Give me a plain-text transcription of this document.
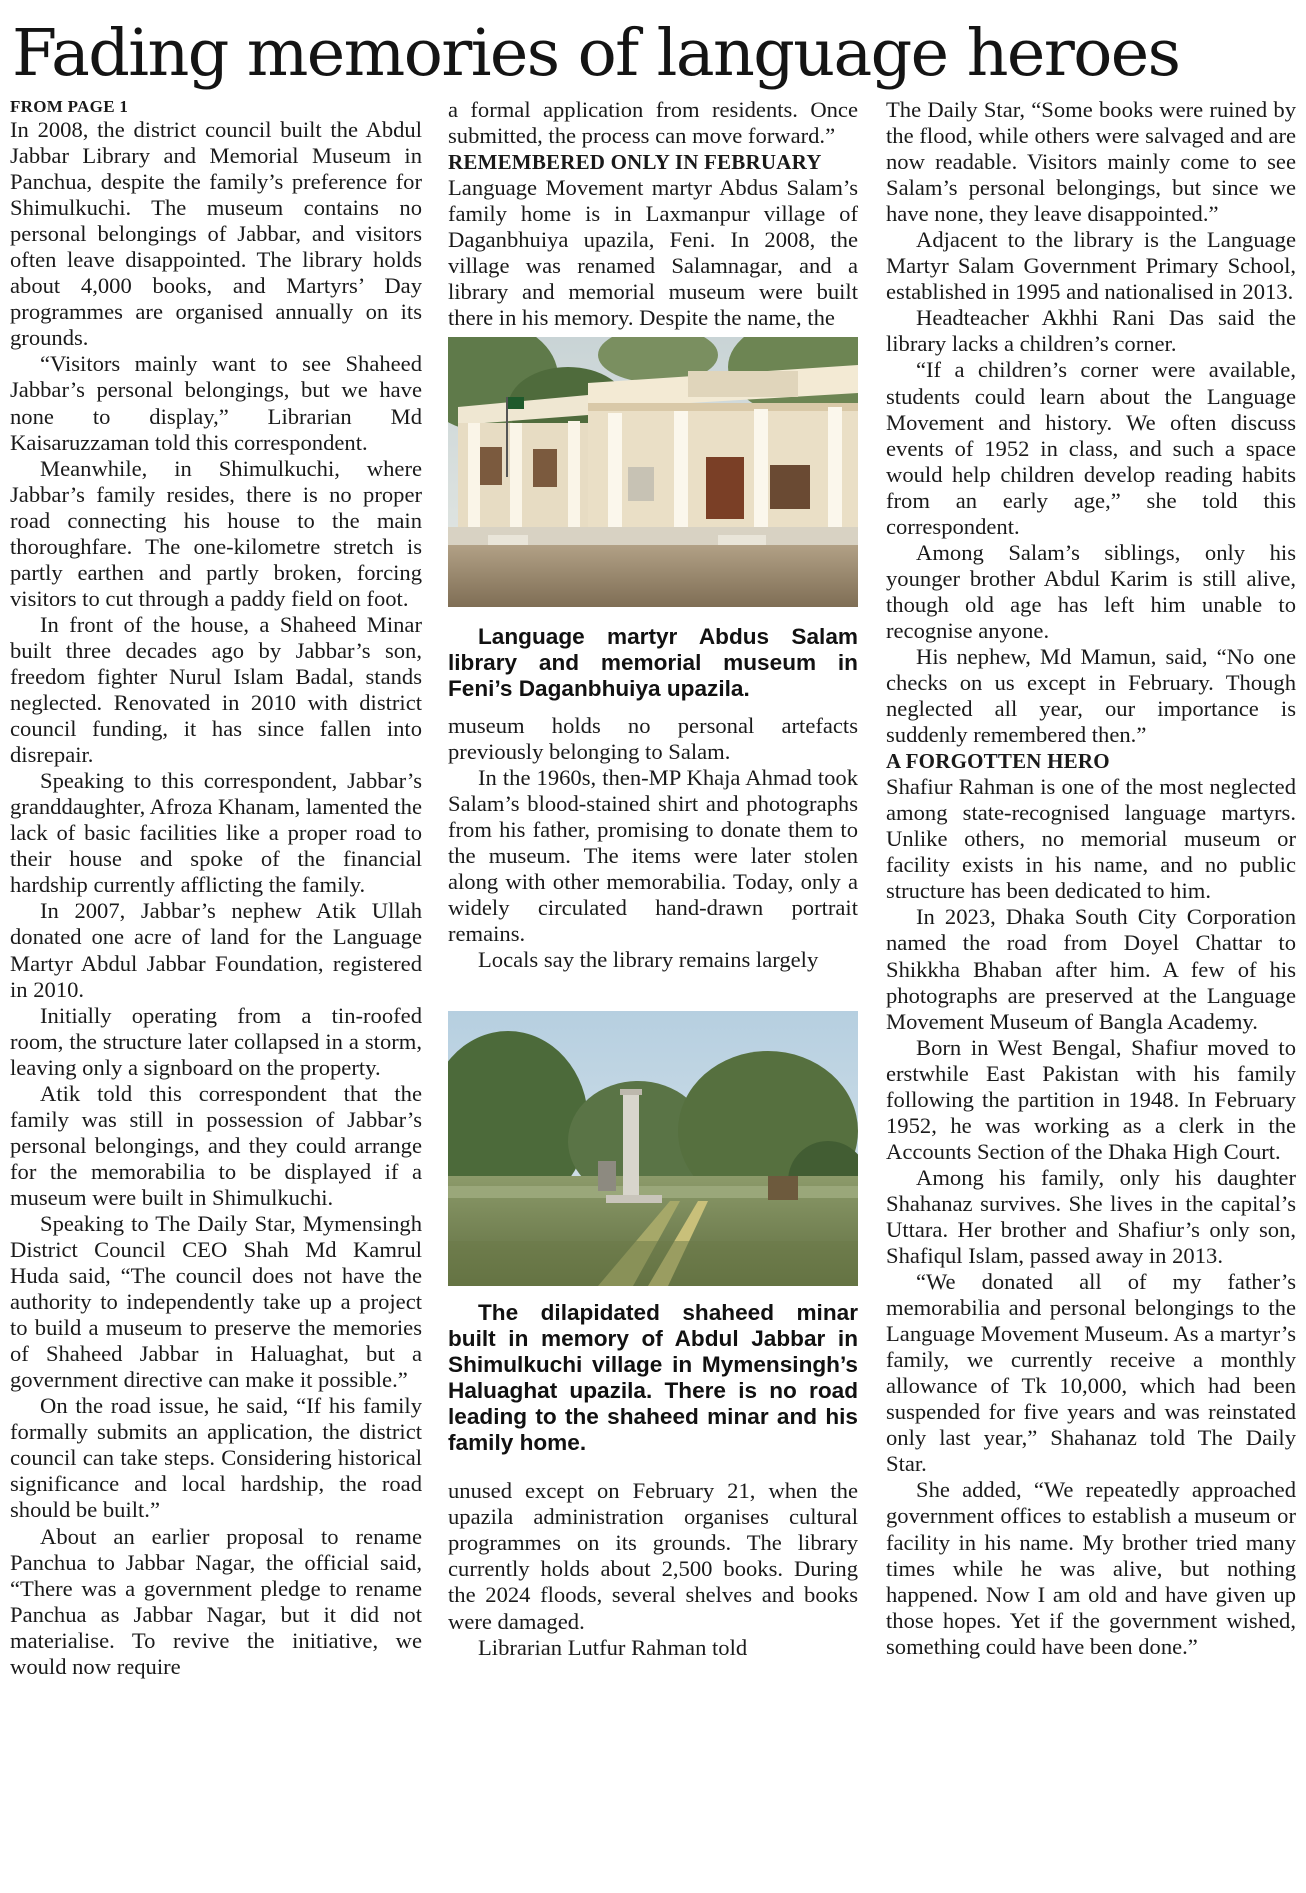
Fading memories of language heroes
FROM PAGE 1

In 2008, the district council built the Abdul Jabbar Library and Memorial Museum in Panchua, despite the family’s preference for Shimulkuchi. The museum contains no personal belongings of Jabbar, and visitors often leave disappointed. The library holds about 4,000 books, and Martyrs’ Day programmes are organised annually on its grounds.

“Visitors mainly want to see Shaheed Jabbar’s personal belongings, but we have none to display,” Librarian Md Kaisaruzzaman told this correspondent.

Meanwhile, in Shimulkuchi, where Jabbar’s family resides, there is no proper road connecting his house to the main thoroughfare. The one-kilometre stretch is partly earthen and partly broken, forcing visitors to cut through a paddy field on foot.

In front of the house, a Shaheed Minar built three decades ago by Jabbar’s son, freedom fighter Nurul Islam Badal, stands neglected. Renovated in 2010 with district council funding, it has since fallen into disrepair.

Speaking to this correspondent, Jabbar’s granddaughter, Afroza Khanam, lamented the lack of basic facilities like a proper road to their house and spoke of the financial hardship currently afflicting the family.

In 2007, Jabbar’s nephew Atik Ullah donated one acre of land for the Language Martyr Abdul Jabbar Foundation, registered in 2010.

Initially operating from a tin-roofed room, the structure later collapsed in a storm, leaving only a signboard on the property.

Atik told this correspondent that the family was still in possession of Jabbar’s personal belongings, and they could arrange for the memorabilia to be displayed if a museum were built in Shimulkuchi.

Speaking to The Daily Star, Mymensingh District Council CEO Shah Md Kamrul Huda said, “The council does not have the authority to independently take up a project to build a museum to preserve the memories of Shaheed Jabbar in Haluaghat, but a government directive can make it possible.”

On the road issue, he said, “If his family formally submits an application, the district council can take steps. Considering historical significance and local hardship, the road should be built.”

About an earlier proposal to rename Panchua to Jabbar Nagar, the official said, “There was a government pledge to rename Panchua as Jabbar Nagar, but it did not materialise. To revive the initiative, we would now require

a formal application from residents. Once submitted, the process can move forward.”

REMEMBERED ONLY IN FEBRUARY

Language Movement martyr Abdus Salam’s family home is in Laxmanpur village of Daganbhuiya upazila, Feni. In 2008, the village was renamed Salamnagar, and a library and memorial museum were built there in his memory. Despite the name, the

Language martyr Abdus Salam library and memorial museum in Feni’s Daganbhuiya upazila.

museum holds no personal artefacts previously belonging to Salam.

In the 1960s, then-MP Khaja Ahmad took Salam’s blood-stained shirt and photographs from his father, promising to donate them to the museum. The items were later stolen along with other memorabilia. Today, only a widely circulated hand-drawn portrait remains.

Locals say the library remains largely

The dilapidated shaheed minar built in memory of Abdul Jabbar in Shimulkuchi village in Mymensingh’s Haluaghat upazila. There is no road leading to the shaheed minar and his family home.

unused except on February 21, when the upazila administration organises cultural programmes on its grounds. The library currently holds about 2,500 books. During the 2024 floods, several shelves and books were damaged.

Librarian Lutfur Rahman told

The Daily Star, “Some books were ruined by the flood, while others were salvaged and are now readable. Visitors mainly come to see Salam’s personal belongings, but since we have none, they leave disappointed.”

Adjacent to the library is the Language Martyr Salam Government Primary School, established in 1995 and nationalised in 2013.

Headteacher Akhhi Rani Das said the library lacks a children’s corner.

“If a children’s corner were available, students could learn about the Language Movement and history. We often discuss events of 1952 in class, and such a space would help children develop reading habits from an early age,” she told this correspondent.

Among Salam’s siblings, only his younger brother Abdul Karim is still alive, though old age has left him unable to recognise anyone.

His nephew, Md Mamun, said, “No one checks on us except in February. Though neglected all year, our importance is suddenly remembered then.”

A FORGOTTEN HERO

Shafiur Rahman is one of the most neglected among state-recognised language martyrs. Unlike others, no memorial museum or facility exists in his name, and no public structure has been dedicated to him.

In 2023, Dhaka South City Corporation named the road from Doyel Chattar to Shikkha Bhaban after him. A few of his photographs are preserved at the Language Movement Museum of Bangla Academy.

Born in West Bengal, Shafiur moved to erstwhile East Pakistan with his family following the partition in 1948. In February 1952, he was working as a clerk in the Accounts Section of the Dhaka High Court.

Among his family, only his daughter Shahanaz survives. She lives in the capital’s Uttara. Her brother and Shafiur’s only son, Shafiqul Islam, passed away in 2013.

“We donated all of my father’s memorabilia and personal belongings to the Language Movement Museum. As a martyr’s family, we currently receive a monthly allowance of Tk 10,000, which had been suspended for five years and was reinstated only last year,” Shahanaz told The Daily Star.

She added, “We repeatedly approached government offices to establish a museum or facility in his name. My brother tried many times while he was alive, but nothing happened. Now I am old and have given up those hopes. Yet if the government wished, something could have been done.”
